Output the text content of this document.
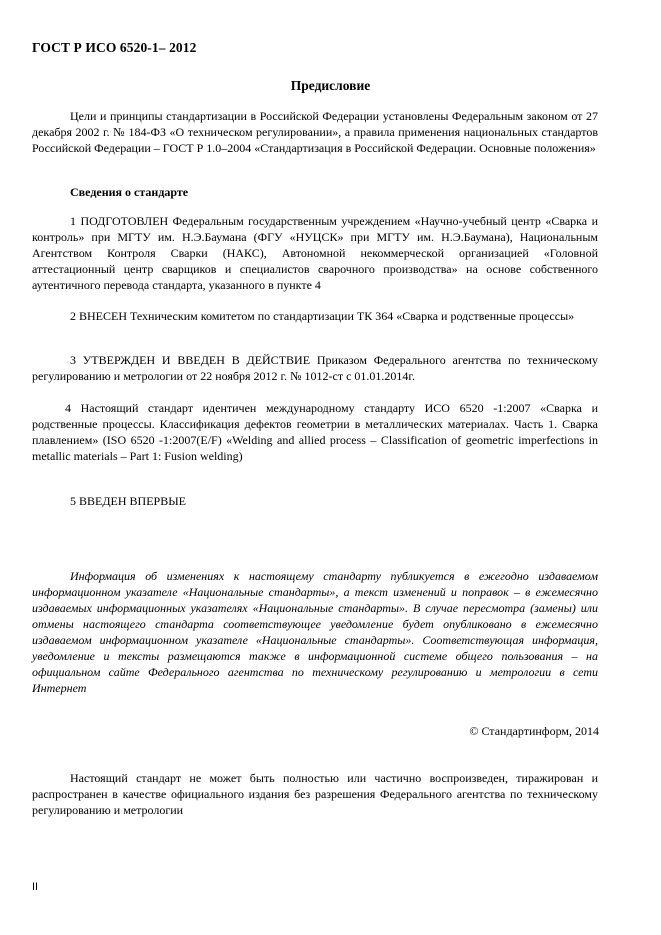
ГОСТ Р ИСО 6520-1– 2012
Предисловие

Цели и принципы стандартизации в Российской Федерации установлены Федеральным законом от 27 декабря 2002 г. № 184-ФЗ «О техническом регулировании», а правила применения национальных стандартов Российской Федерации – ГОСТ Р 1.0–2004 «Стандартизация в Российской Федерации. Основные положения»

Сведения о стандарте

1 ПОДГОТОВЛЕН Федеральным государственным учреждением «Научно-учебный центр «Сварка и контроль» при МГТУ им. Н.Э.Баумана (ФГУ «НУЦСК» при МГТУ им. Н.Э.Баумана), Национальным Агентством Контроля Сварки (НАКС), Автономной некоммерческой организацией «Головной аттестационный центр сварщиков и специалистов сварочного производства» на основе собственного аутентичного перевода стандарта, указанного в пункте 4

2 ВНЕСЕН Техническим комитетом по стандартизации ТК 364 «Сварка и родственные процессы»

3 УТВЕРЖДЕН И ВВЕДЕН В ДЕЙСТВИЕ Приказом Федерального агентства по техническому регулированию и метрологии от 22 ноября 2012 г. № 1012-ст с 01.01.2014г.

4 Настоящий стандарт идентичен международному стандарту ИСО 6520 -1:2007 «Сварка и родственные процессы. Классификация дефектов геометрии в металлических материалах. Часть 1. Сварка плавлением» (ISO 6520 -1:2007(E/F) «Welding and allied process – Classification of geometric imperfections in metallic materials – Part 1: Fusion welding)

5 ВВЕДЕН ВПЕРВЫЕ

Информация об изменениях к настоящему стандарту публикуется в ежегодно издаваемом информационном указателе «Национальные стандарты», а текст изменений и поправок – в ежемесячно издаваемых информационных указателях «Национальные стандарты». В случае пересмотра (замены) или отмены настоящего стандарта соответствующее уведомление будет опубликовано в ежемесячно издаваемом информационном указателе «Национальные стандарты». Соответствующая информация, уведомление и тексты размещаются также в информационной системе общего пользования – на официальном сайте Федерального агентства по техническому регулированию и метрологии в сети Интернет

© Стандартинформ, 2014

Настоящий стандарт не может быть полностью или частично воспроизведен, тиражирован и распространен в качестве официального издания без разрешения Федерального агентства по техническому регулированию и метрологии

II
